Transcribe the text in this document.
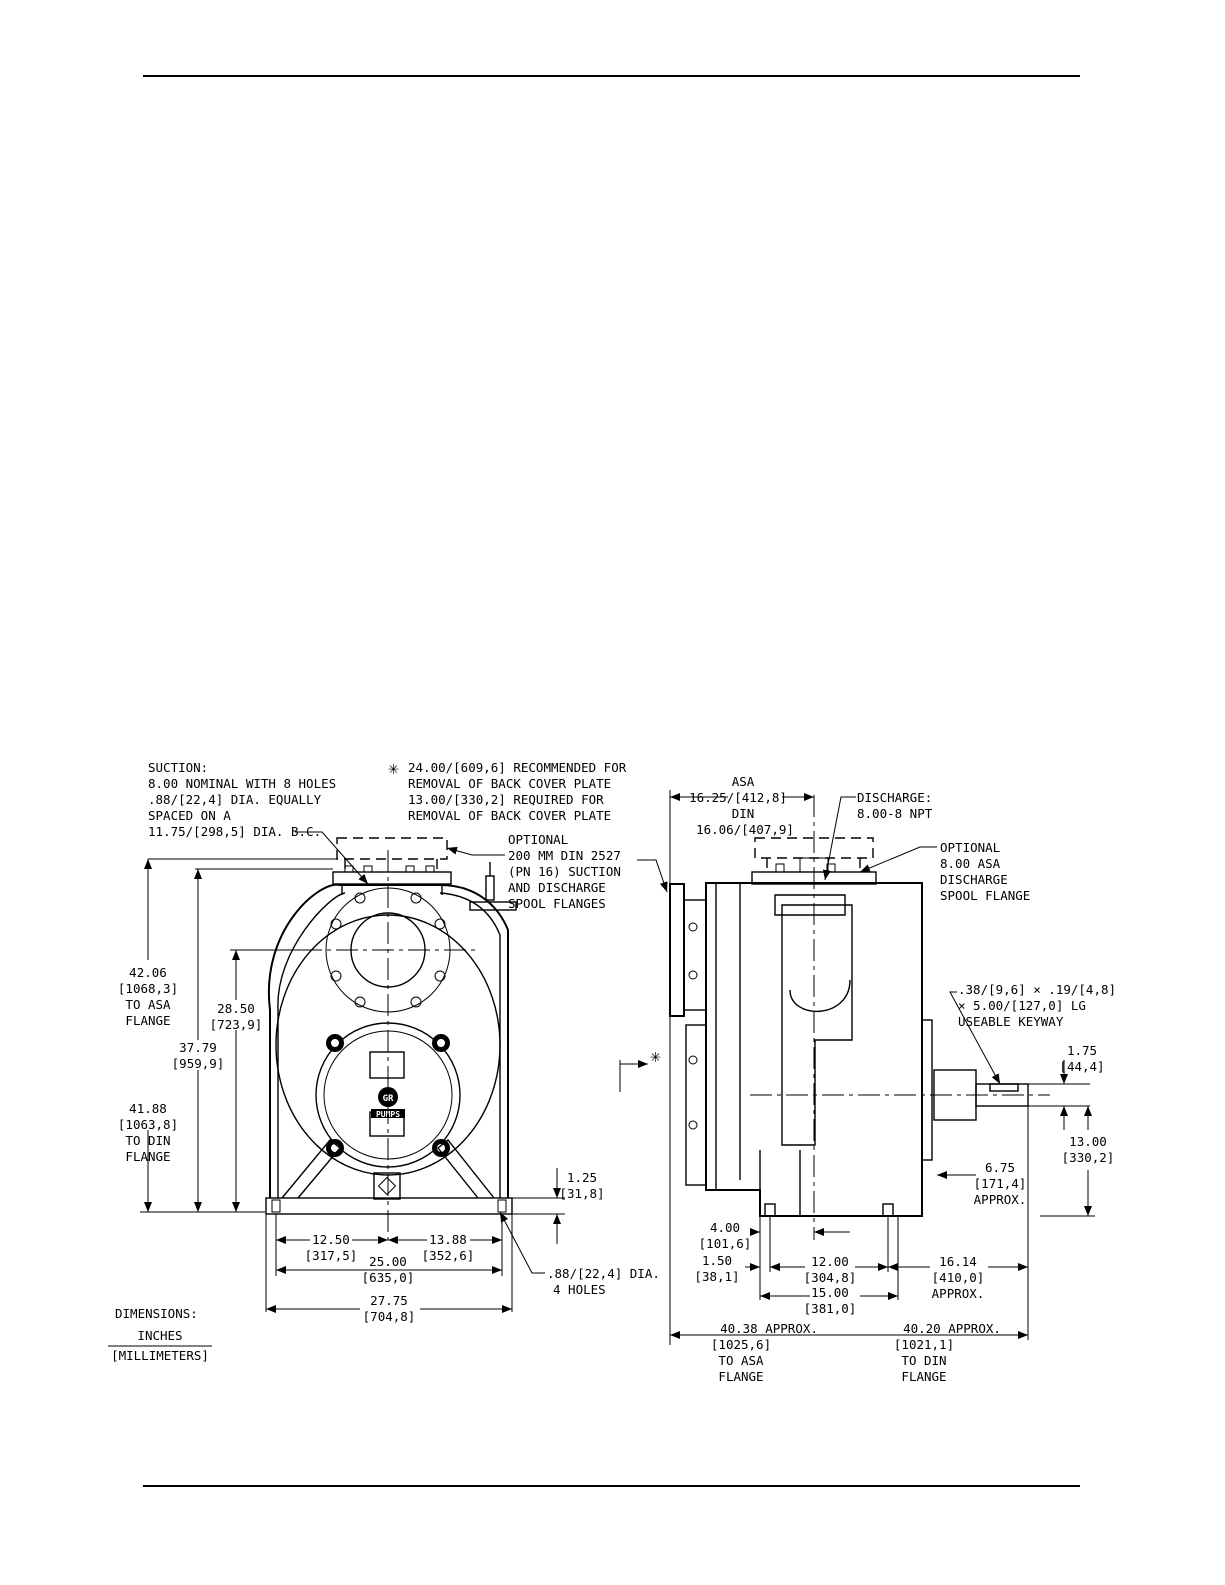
GR
PUMPS
SUCTION:
8.00 NOMINAL WITH 8 HOLES
.88/[22,4] DIA. EQUALLY
SPACED ON A
11.75/[298,5] DIA. B.C.
✳ 24.00/[609,6] RECOMMENDED FOR
REMOVAL OF BACK COVER PLATE
13.00/[330,2] REQUIRED FOR
REMOVAL OF BACK COVER PLATE
OPTIONAL
200 MM DIN 2527
(PN 16) SUCTION
AND DISCHARGE
SPOOL FLANGES
ASA
16.25/[412,8]
DIN
16.06/[407,9]
DISCHARGE:
8.00-8 NPT
OPTIONAL
8.00 ASA
DISCHARGE
SPOOL FLANGE
.38/[9,6] × .19/[4,8]
× 5.00/[127,0] LG
USEABLE KEYWAY
.88/[22,4] DIA.
4 HOLES
✳
DIMENSIONS:
INCHES
[MILLIMETERS]
42.06
[1068,3]
TO ASA
FLANGE
41.88
[1063,8]
TO DIN
FLANGE
37.79
[959,9]
28.50
[723,9]
1.25
[31,8]
12.50
[317,5]
13.88
[352,6]
25.00
[635,0]
27.75
[704,8]
1.75
[44,4]
13.00
[330,2]
6.75
[171,4]
APPROX.
4.00
[101,6]
1.50
[38,1]
12.00
[304,8]
16.14
[410,0]
APPROX.
15.00
[381,0]
40.38 APPROX.
[1025,6]
TO ASA
FLANGE
40.20 APPROX.
[1021,1]
TO DIN
FLANGE
